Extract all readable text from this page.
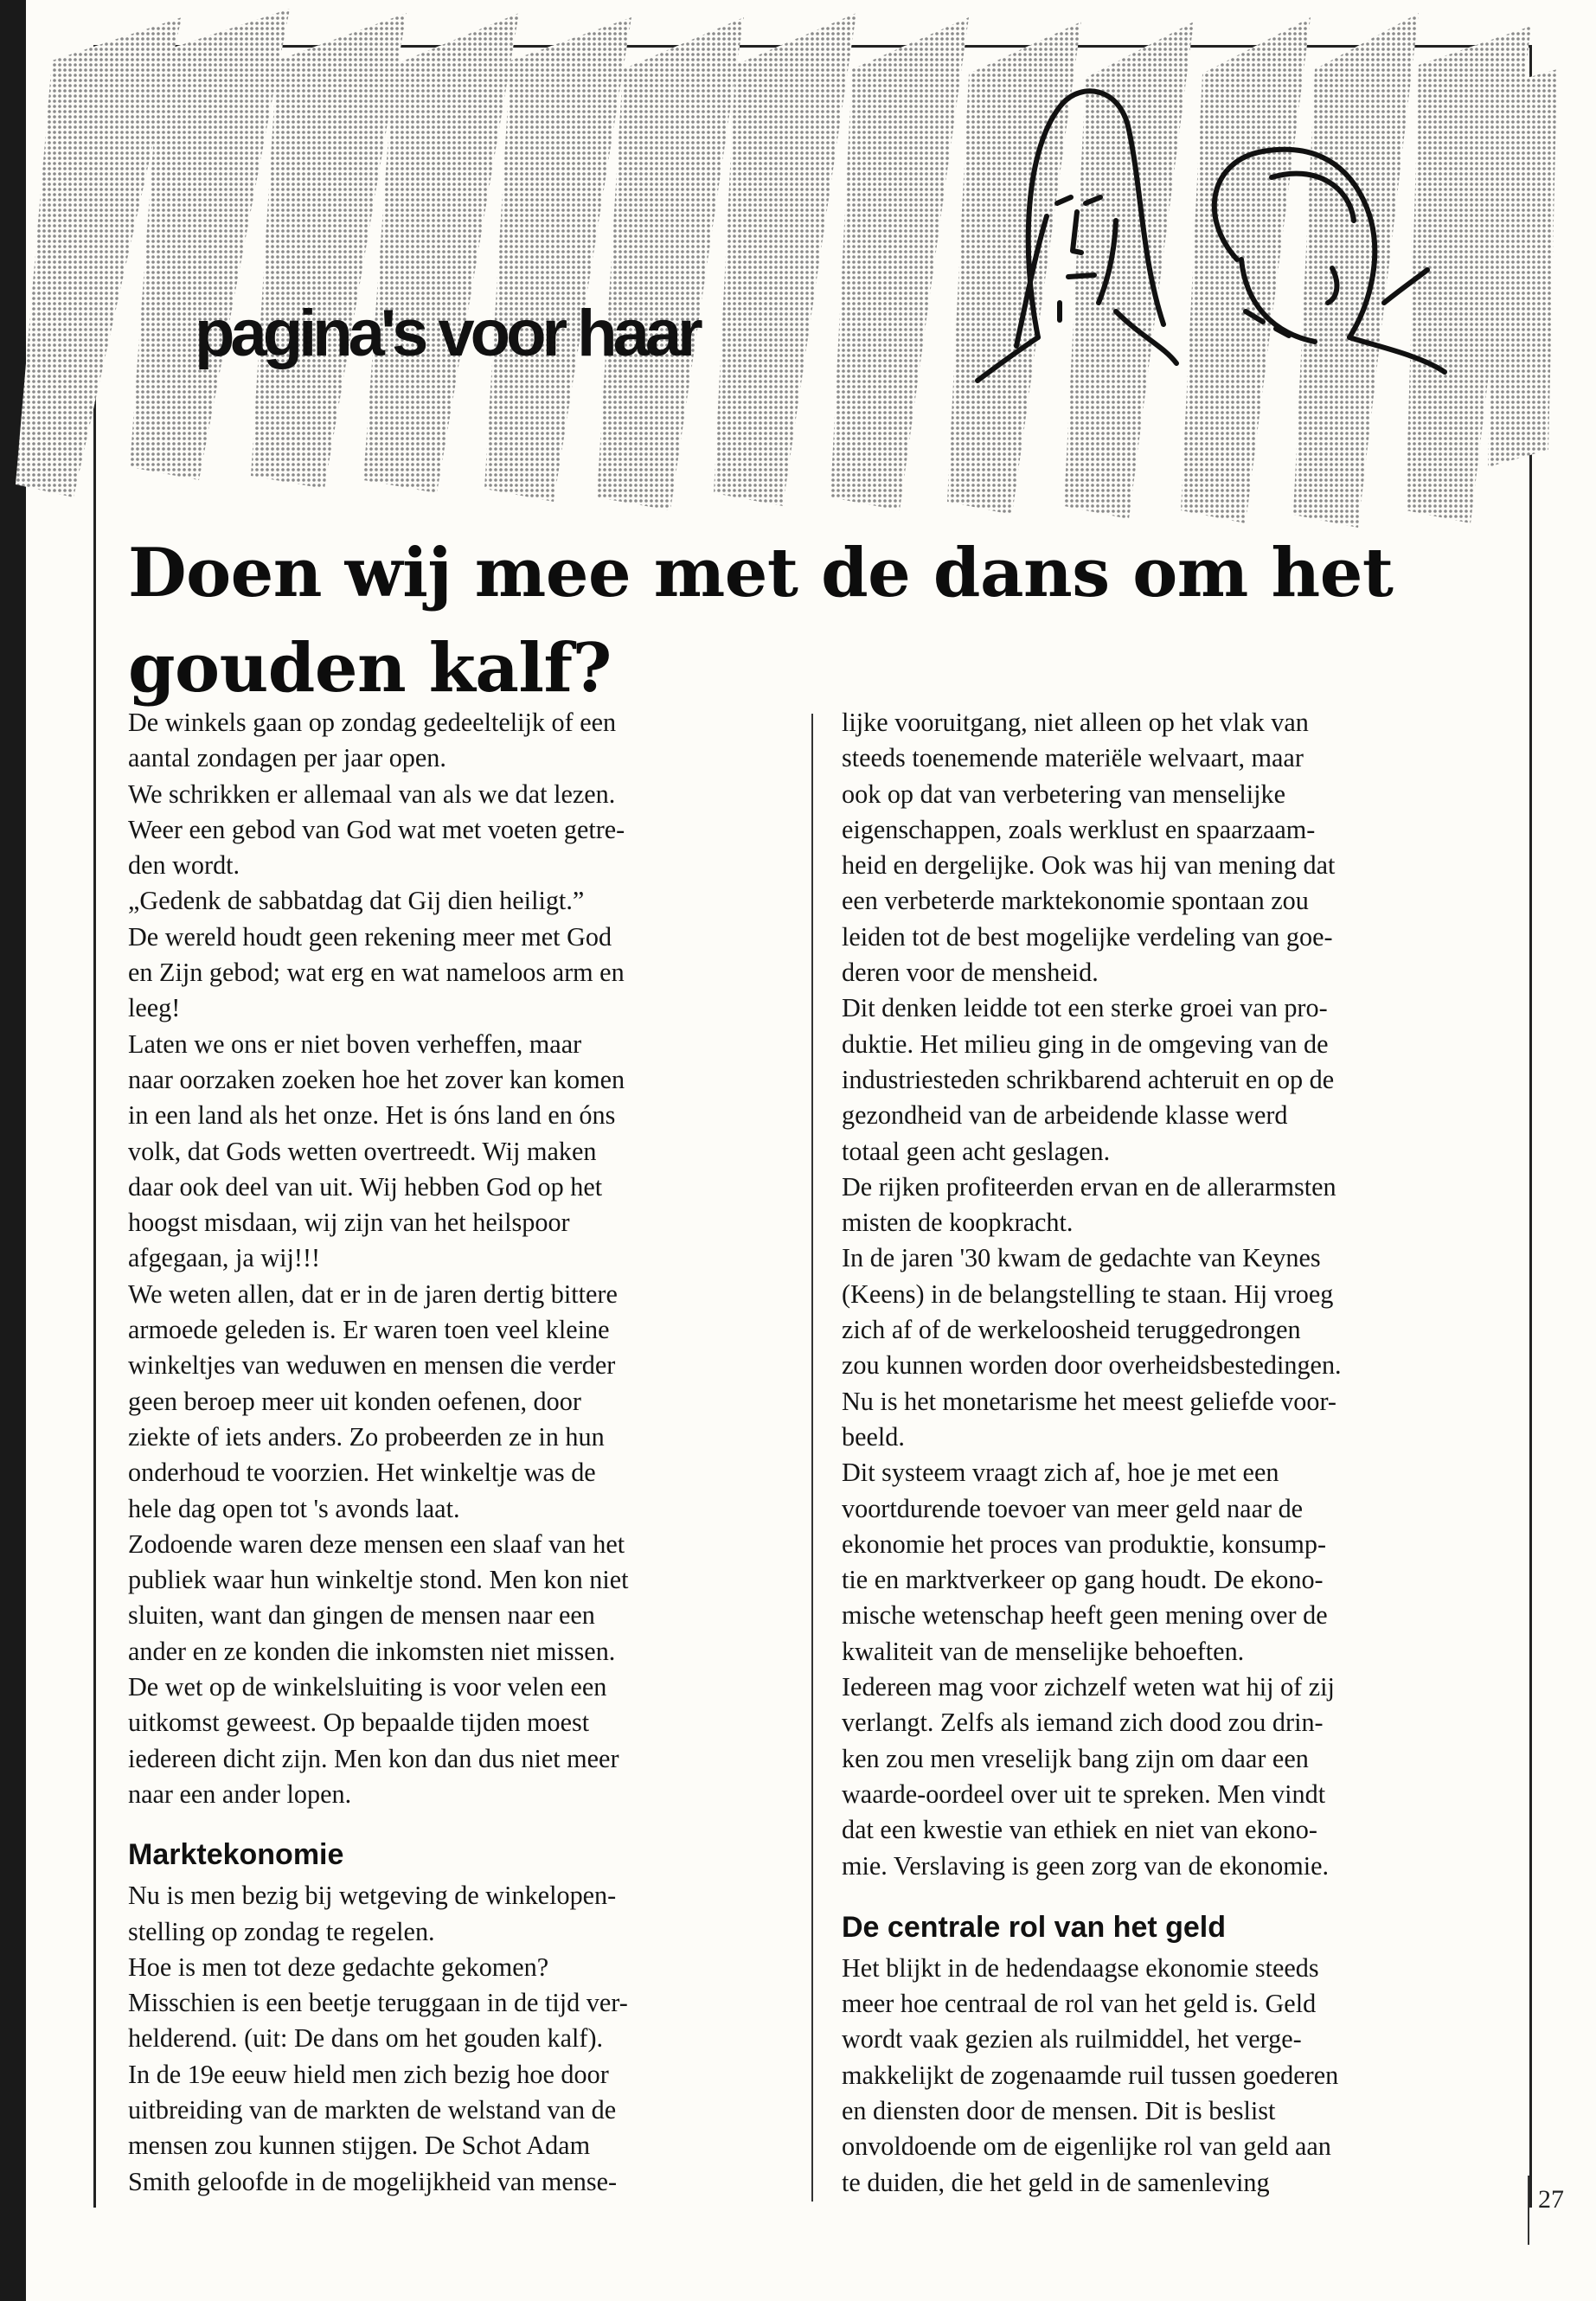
pagina's voor haar
Doen wij mee met de dans om het gouden kalf?

De winkels gaan op zondag gedeeltelijk of een

aantal zondagen per jaar open.

We schrikken er allemaal van als we dat lezen.

Weer een gebod van God wat met voeten getre-

den wordt.

„Gedenk de sabbatdag dat Gij dien heiligt.”

De wereld houdt geen rekening meer met God

en Zijn gebod; wat erg en wat nameloos arm en

leeg!

Laten we ons er niet boven verheffen, maar

naar oorzaken zoeken hoe het zover kan komen

in een land als het onze. Het is óns land en óns

volk, dat Gods wetten overtreedt. Wij maken

daar ook deel van uit. Wij hebben God op het

hoogst misdaan, wij zijn van het heilspoor

afgegaan, ja wij!!!

We weten allen, dat er in de jaren dertig bittere

armoede geleden is. Er waren toen veel kleine

winkeltjes van weduwen en mensen die verder

geen beroep meer uit konden oefenen, door

ziekte of iets anders. Zo probeerden ze in hun

onderhoud te voorzien. Het winkeltje was de

hele dag open tot 's avonds laat.

Zodoende waren deze mensen een slaaf van het

publiek waar hun winkeltje stond. Men kon niet

sluiten, want dan gingen de mensen naar een

ander en ze konden die inkomsten niet missen.

De wet op de winkelsluiting is voor velen een

uitkomst geweest. Op bepaalde tijden moest

iedereen dicht zijn. Men kon dan dus niet meer

naar een ander lopen.

Marktekonomie

Nu is men bezig bij wetgeving de winkelopen-

stelling op zondag te regelen.

Hoe is men tot deze gedachte gekomen?

Misschien is een beetje teruggaan in de tijd ver-

helderend. (uit: De dans om het gouden kalf).

In de 19e eeuw hield men zich bezig hoe door

uitbreiding van de markten de welstand van de

mensen zou kunnen stijgen. De Schot Adam

Smith geloofde in de mogelijkheid van mense-

lijke vooruitgang, niet alleen op het vlak van

steeds toenemende materiële welvaart, maar

ook op dat van verbetering van menselijke

eigenschappen, zoals werklust en spaarzaam-

heid en dergelijke. Ook was hij van mening dat

een verbeterde marktekonomie spontaan zou

leiden tot de best mogelijke verdeling van goe-

deren voor de mensheid.

Dit denken leidde tot een sterke groei van pro-

duktie. Het milieu ging in de omgeving van de

industriesteden schrikbarend achteruit en op de

gezondheid van de arbeidende klasse werd

totaal geen acht geslagen.

De rijken profiteerden ervan en de allerarmsten

misten de koopkracht.

In de jaren '30 kwam de gedachte van Keynes

(Keens) in de belangstelling te staan. Hij vroeg

zich af of de werkeloosheid teruggedrongen

zou kunnen worden door overheidsbestedingen.

Nu is het monetarisme het meest geliefde voor-

beeld.

Dit systeem vraagt zich af, hoe je met een

voortdurende toevoer van meer geld naar de

ekonomie het proces van produktie, konsump-

tie en marktverkeer op gang houdt. De ekono-

mische wetenschap heeft geen mening over de

kwaliteit van de menselijke behoeften.

Iedereen mag voor zichzelf weten wat hij of zij

verlangt. Zelfs als iemand zich dood zou drin-

ken zou men vreselijk bang zijn om daar een

waarde-oordeel over uit te spreken. Men vindt

dat een kwestie van ethiek en niet van ekono-

mie. Verslaving is geen zorg van de ekonomie.

De centrale rol van het geld

Het blijkt in de hedendaagse ekonomie steeds

meer hoe centraal de rol van het geld is. Geld

wordt vaak gezien als ruilmiddel, het verge-

makkelijkt de zogenaamde ruil tussen goederen

en diensten door de mensen. Dit is beslist

onvoldoende om de eigenlijke rol van geld aan

te duiden, die het geld in de samenleving

27
